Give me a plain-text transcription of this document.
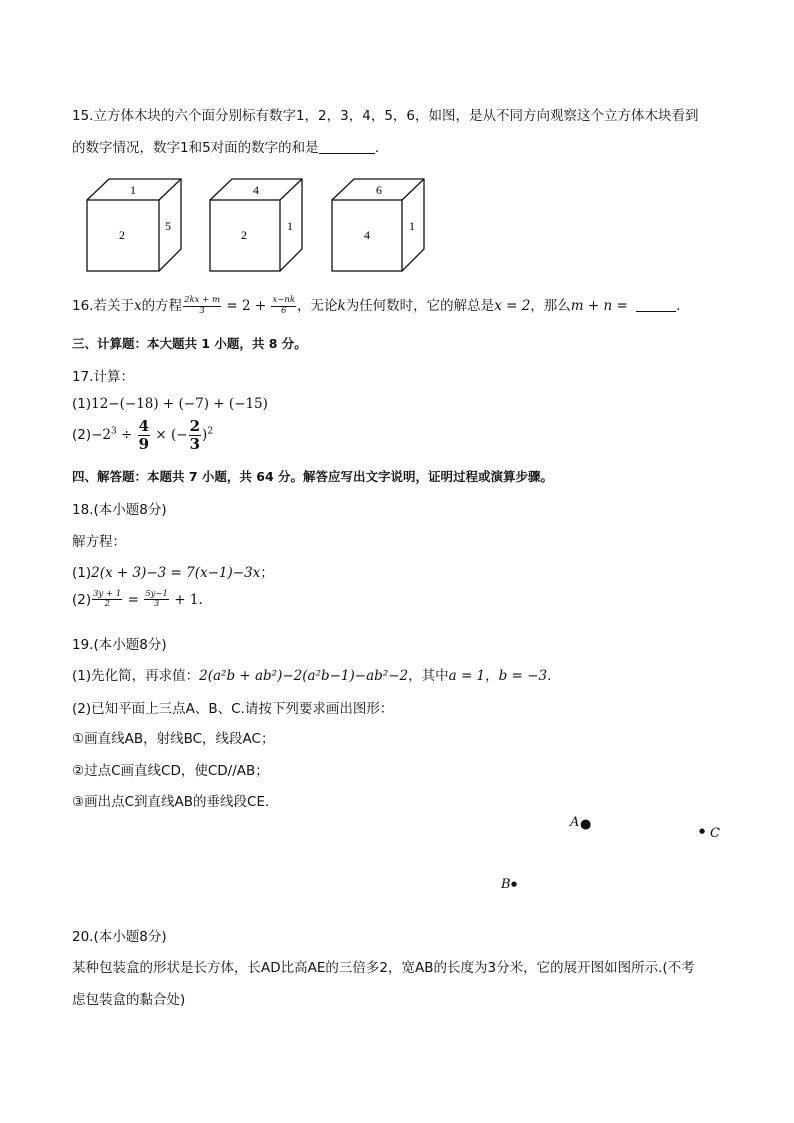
15.立方体木块的六个面分别标有数字1，2，3，4，5，6，如图，是从不同方向观察这个立方体木块看到
的数字情况，数字1和5对面的数字的和是	.
1
2
5
4
2
1
6
4
1
16.若关于x的方程 $\frac{2kx + m}{3} = 2 + \frac{x-nk}{6}$ ，无论k为任何数时，它的解总是x = 2，那么m + n =	.
三、计算题：本大题共 1 小题，共 8 分。
17.计算：
(1)12−(−18) + (−7) + (−15)
$(2)-2^3 \div \frac{4}{9}$ × (− $\frac{2}{3} )^2$
四、解答题：本题共 7 小题，共 64 分。解答应写出文字说明，证明过程或演算步骤。
18.(本小题8分)
解方程：
(1)2(x + 3)−3 = 7(x−1)−3x；
$(2) \frac{3y + 1}{2} = \frac{5y-1}{3} + 1$.
19.(本小题8分)
(1)先化简，再求值：2(a²b + ab²)−2(a²b−1)−ab²−2，其中a = 1，b = −3.
(2)已知平面上三点A、B、C.请按下列要求画出图形：
①画直线AB，射线BC，线段AC；
②过点C画直线CD，使CD//AB；
③画出点C到直线AB的垂线段CE.
A ●	● C
B ●
20.(本小题8分)
某种包装盒的形状是长方体，长AD比高AE的三倍多2，宽AB的长度为3分米，它的展开图如图所示.(不考
虑包装盒的黏合处)
